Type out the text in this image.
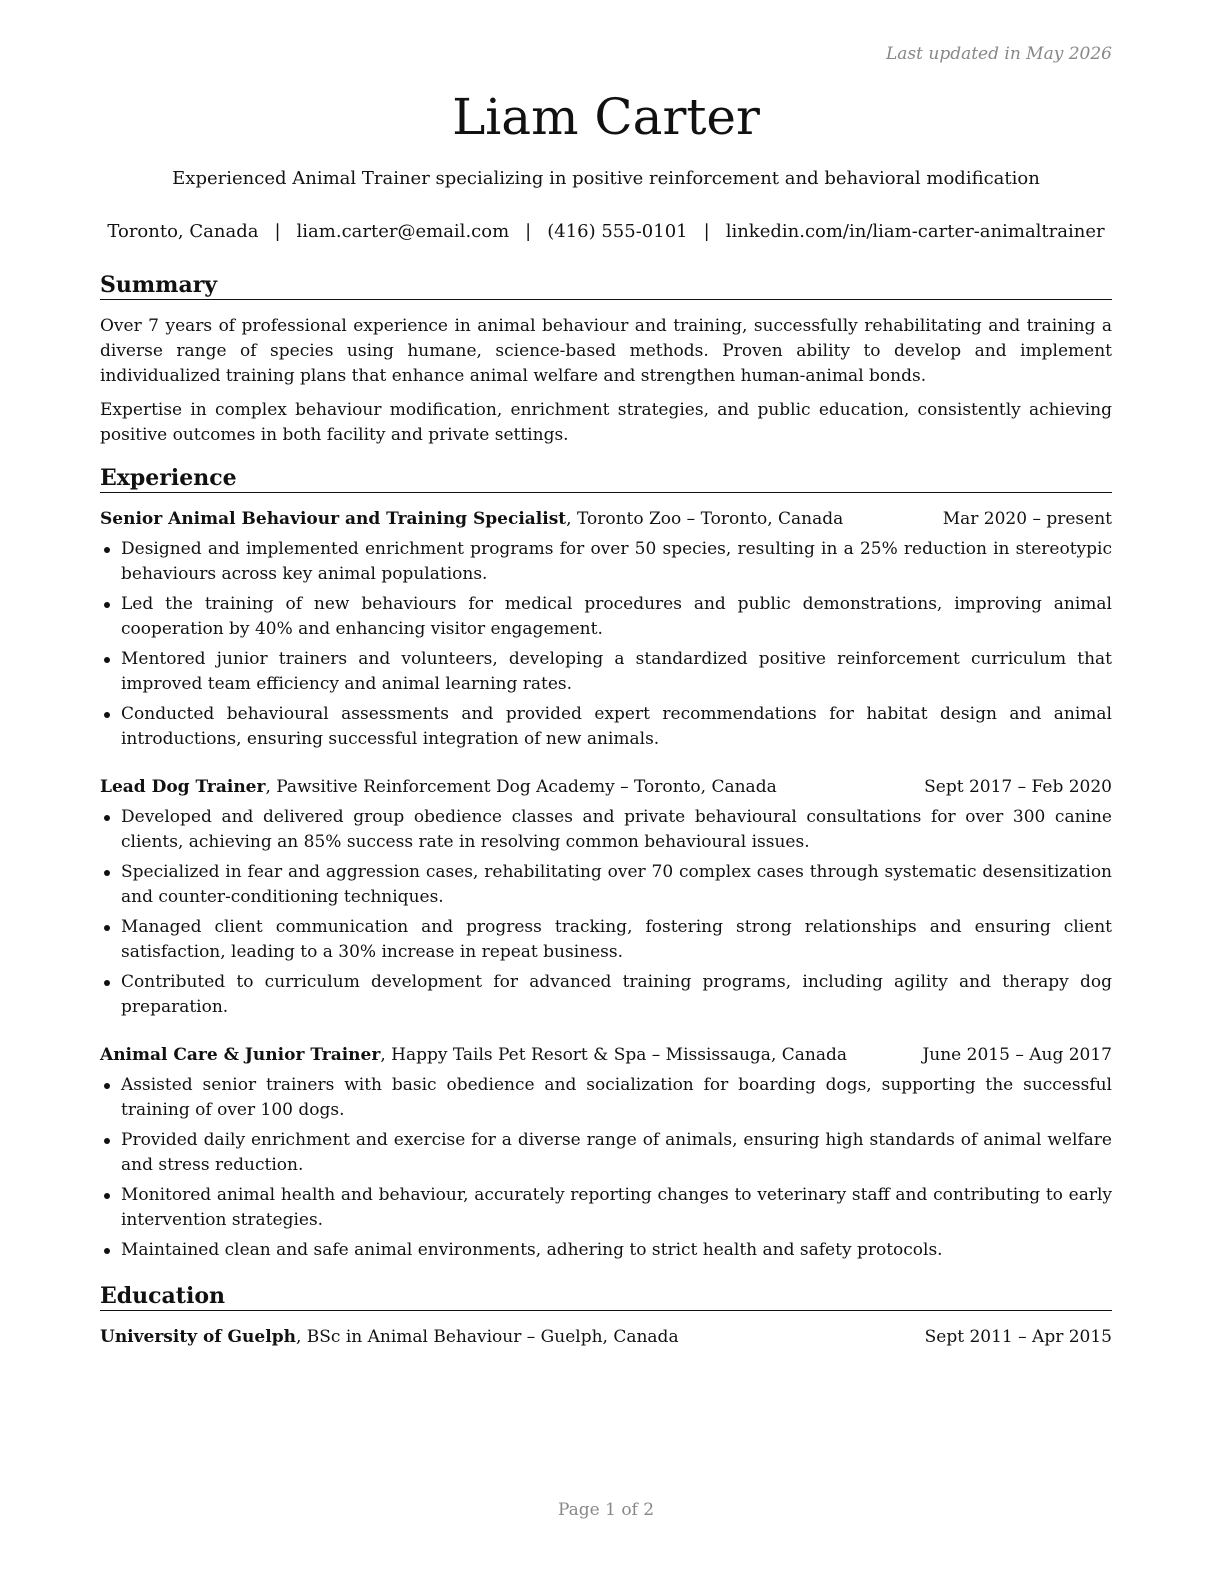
Last updated in May 2026
Liam Carter
Experienced Animal Trainer specializing in positive reinforcement and behavioral modification
Toronto, Canada | liam.carter@email.com | (416) 555-0101 | linkedin.com/in/liam-carter-animaltrainer
Summary
Over 7 years of professional experience in animal behaviour and training, successfully rehabilitating and training a diverse range of species using humane, science-based methods. Proven ability to develop and implement individualized training plans that enhance animal welfare and strengthen human-animal bonds.
Expertise in complex behaviour modification, enrichment strategies, and public education, consistently achieving positive outcomes in both facility and private settings.
Experience
Senior Animal Behaviour and Training Specialist, Toronto Zoo – Toronto, Canada	Mar 2020 – present
Designed and implemented enrichment programs for over 50 species, resulting in a 25% reduction in stereotypic behaviours across key animal populations.
Led the training of new behaviours for medical procedures and public demonstrations, improving animal cooperation by 40% and enhancing visitor engagement.
Mentored junior trainers and volunteers, developing a standardized positive reinforcement curriculum that improved team efficiency and animal learning rates.
Conducted behavioural assessments and provided expert recommendations for habitat design and animal introductions, ensuring successful integration of new animals.
Lead Dog Trainer, Pawsitive Reinforcement Dog Academy – Toronto, Canada	Sept 2017 – Feb 2020
Developed and delivered group obedience classes and private behavioural consultations for over 300 canine clients, achieving an 85% success rate in resolving common behavioural issues.
Specialized in fear and aggression cases, rehabilitating over 70 complex cases through systematic desensitization and counter-conditioning techniques.
Managed client communication and progress tracking, fostering strong relationships and ensuring client satisfaction, leading to a 30% increase in repeat business.
Contributed to curriculum development for advanced training programs, including agility and therapy dog preparation.
Animal Care & Junior Trainer, Happy Tails Pet Resort & Spa – Mississauga, Canada	June 2015 – Aug 2017
Assisted senior trainers with basic obedience and socialization for boarding dogs, supporting the successful training of over 100 dogs.
Provided daily enrichment and exercise for a diverse range of animals, ensuring high standards of animal welfare and stress reduction.
Monitored animal health and behaviour, accurately reporting changes to veterinary staff and contributing to early intervention strategies.
Maintained clean and safe animal environments, adhering to strict health and safety protocols.
Education
University of Guelph, BSc in Animal Behaviour – Guelph, Canada	Sept 2011 – Apr 2015
Page 1 of 2
